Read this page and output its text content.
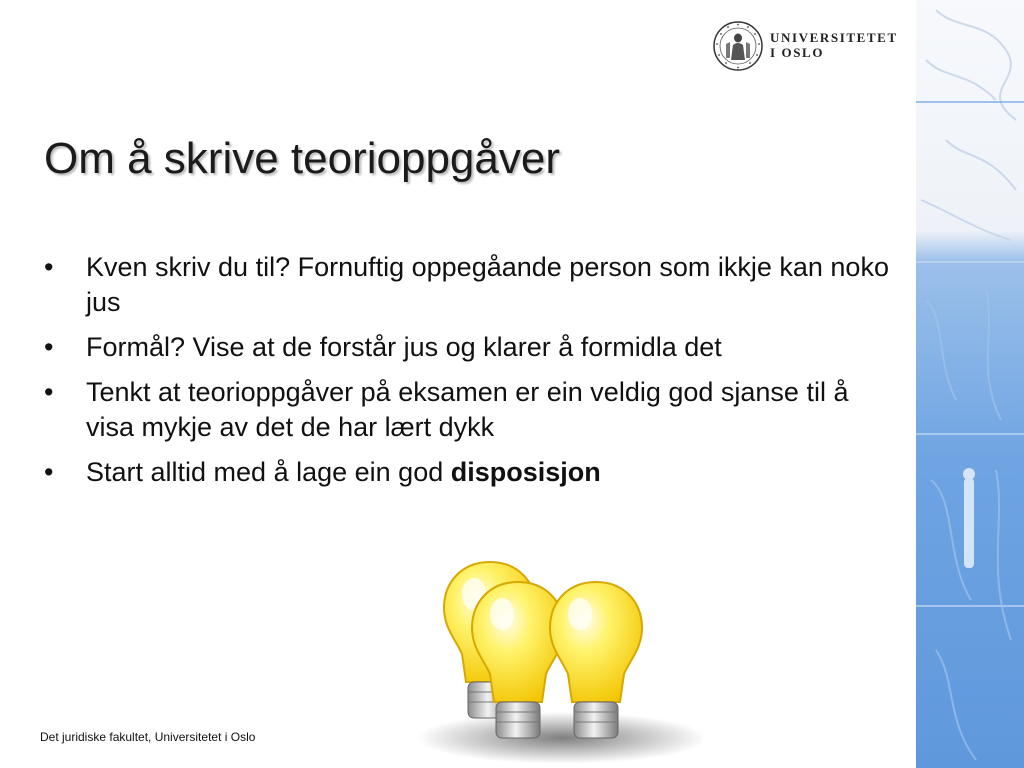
UNIVERSITETET
I OSLO
Om å skrive teorioppgåver
•	Kven skriv du til? Fornuftig oppegåande person som ikkje kan noko jus
•	Formål? Vise at de forstår jus og klarer å formidla det
•	Tenkt at teorioppgåver på eksamen er ein veldig god sjanse til å visa mykje av det de har lært dykk
•	Start alltid med å lage ein god disposisjon
Det juridiske fakultet, Universitetet i Oslo
